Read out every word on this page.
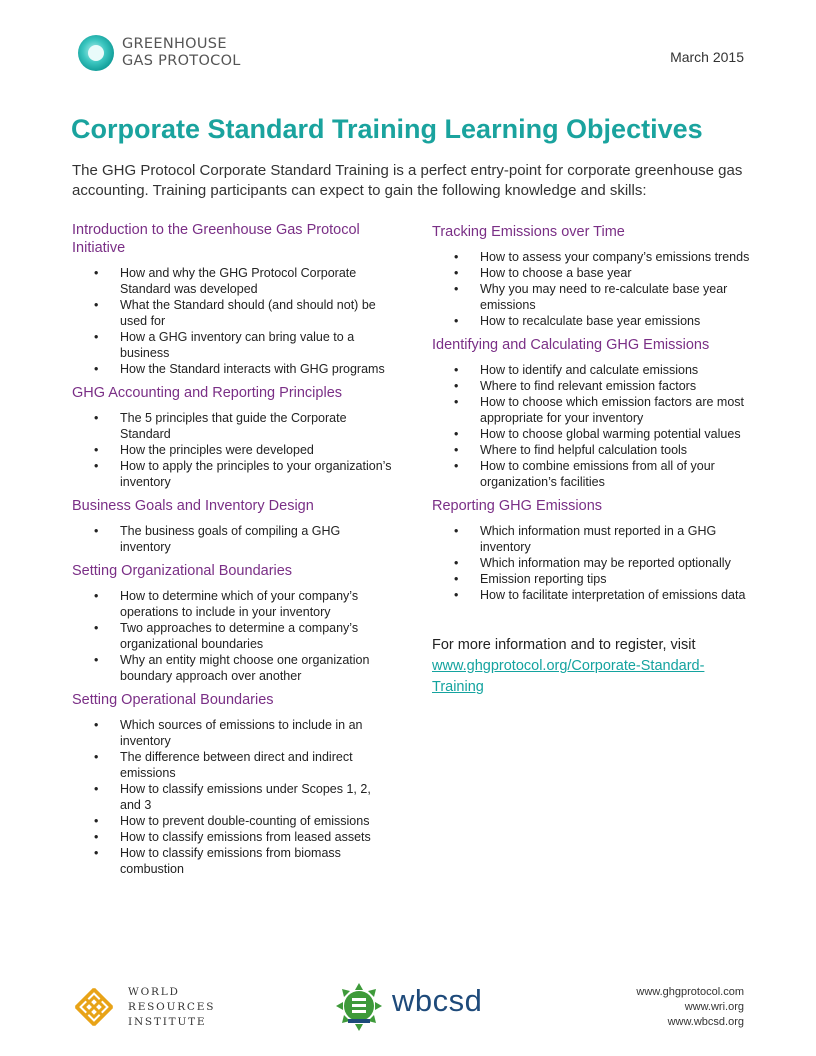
GREENHOUSE
GAS PROTOCOL	March 2015
Corporate Standard Training Learning Objectives

The GHG Protocol Corporate Standard Training is a perfect entry-point for corporate greenhouse gas accounting. Training participants can expect to gain the following knowledge and skills:

Introduction to the Greenhouse Gas Protocol Initiative
• How and why the GHG Protocol Corporate Standard was developed
• What the Standard should (and should not) be used for
• How a GHG inventory can bring value to a business
• How the Standard interacts with GHG programs
GHG Accounting and Reporting Principles
• The 5 principles that guide the Corporate Standard
• How the principles were developed
• How to apply the principles to your organization’s inventory
Business Goals and Inventory Design
• The business goals of compiling a GHG inventory
Setting Organizational Boundaries
• How to determine which of your company’s operations to include in your inventory
• Two approaches to determine a company’s organizational boundaries
• Why an entity might choose one organization boundary approach over another
Setting Operational Boundaries
• Which sources of emissions to include in an inventory
• The difference between direct and indirect emissions
• How to classify emissions under Scopes 1, 2, and 3
• How to prevent double-counting of emissions
• How to classify emissions from leased assets
• How to classify emissions from biomass combustion
Tracking Emissions over Time
• How to assess your company’s emissions trends
• How to choose a base year
• Why you may need to re-calculate base year emissions
• How to recalculate base year emissions
Identifying and Calculating GHG Emissions
• How to identify and calculate emissions
• Where to find relevant emission factors
• How to choose which emission factors are most appropriate for your inventory
• How to choose global warming potential values
• Where to find helpful calculation tools
• How to combine emissions from all of your organization’s facilities
Reporting GHG Emissions
• Which information must reported in a GHG inventory
• Which information may be reported optionally
• Emission reporting tips
• How to facilitate interpretation of emissions data
For more information and to register, visit
www.ghgprotocol.org/Corporate-Standard-Training
WORLD
RESOURCES
INSTITUTE
wbcsd	www.ghgprotocol.com
www.wri.org
www.wbcsd.org
